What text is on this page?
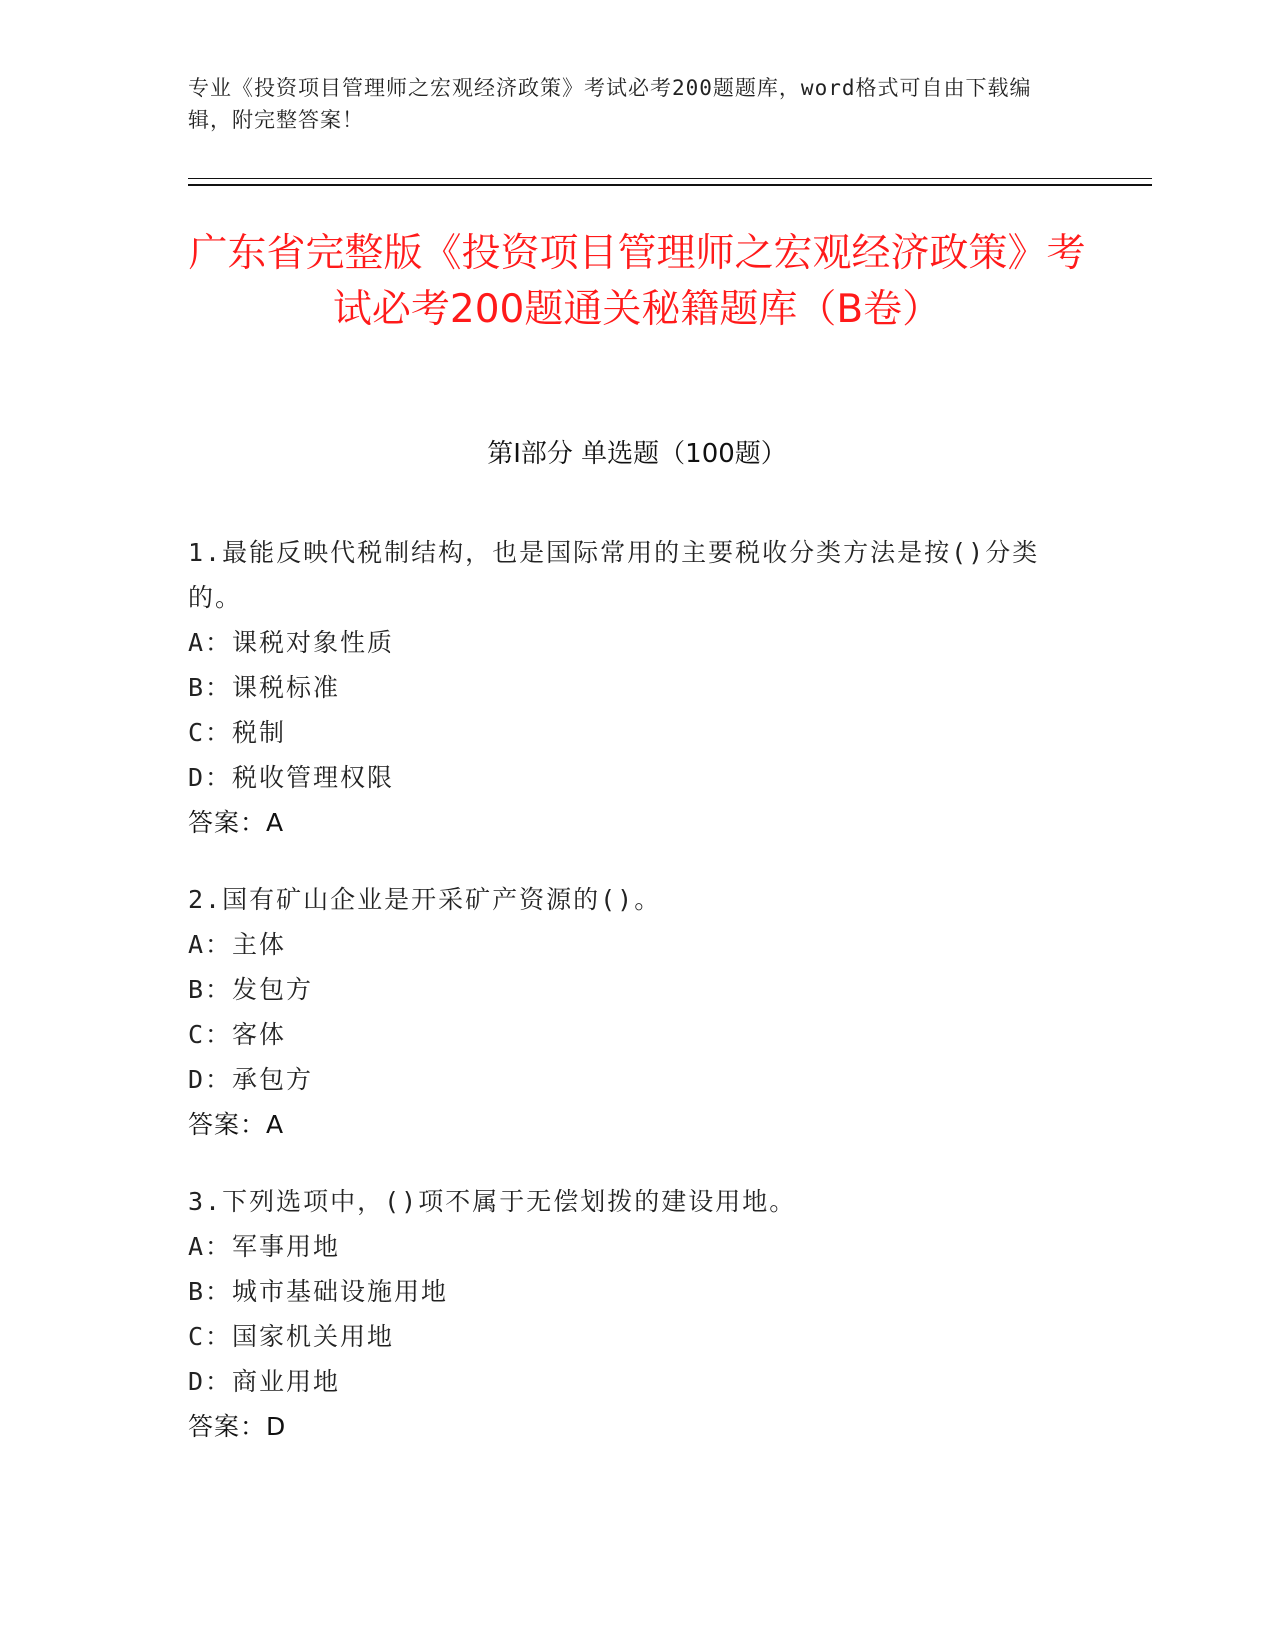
专业《投资项目管理师之宏观经济政策》考试必考200题题库，word格式可自由下载编辑，附完整答案！
广东省完整版《投资项目管理师之宏观经济政策》考试必考200题通关秘籍题库（B卷）
第Ⅰ部分 单选题（100题）
1.最能反映代税制结构，也是国际常用的主要税收分类方法是按()分类的。
A：课税对象性质
B：课税标准
C：税制
D：税收管理权限
答案：A
2.国有矿山企业是开采矿产资源的()。
A：主体
B：发包方
C：客体
D：承包方
答案：A
3.下列选项中，()项不属于无偿划拨的建设用地。
A：军事用地
B：城市基础设施用地
C：国家机关用地
D：商业用地
答案：D
